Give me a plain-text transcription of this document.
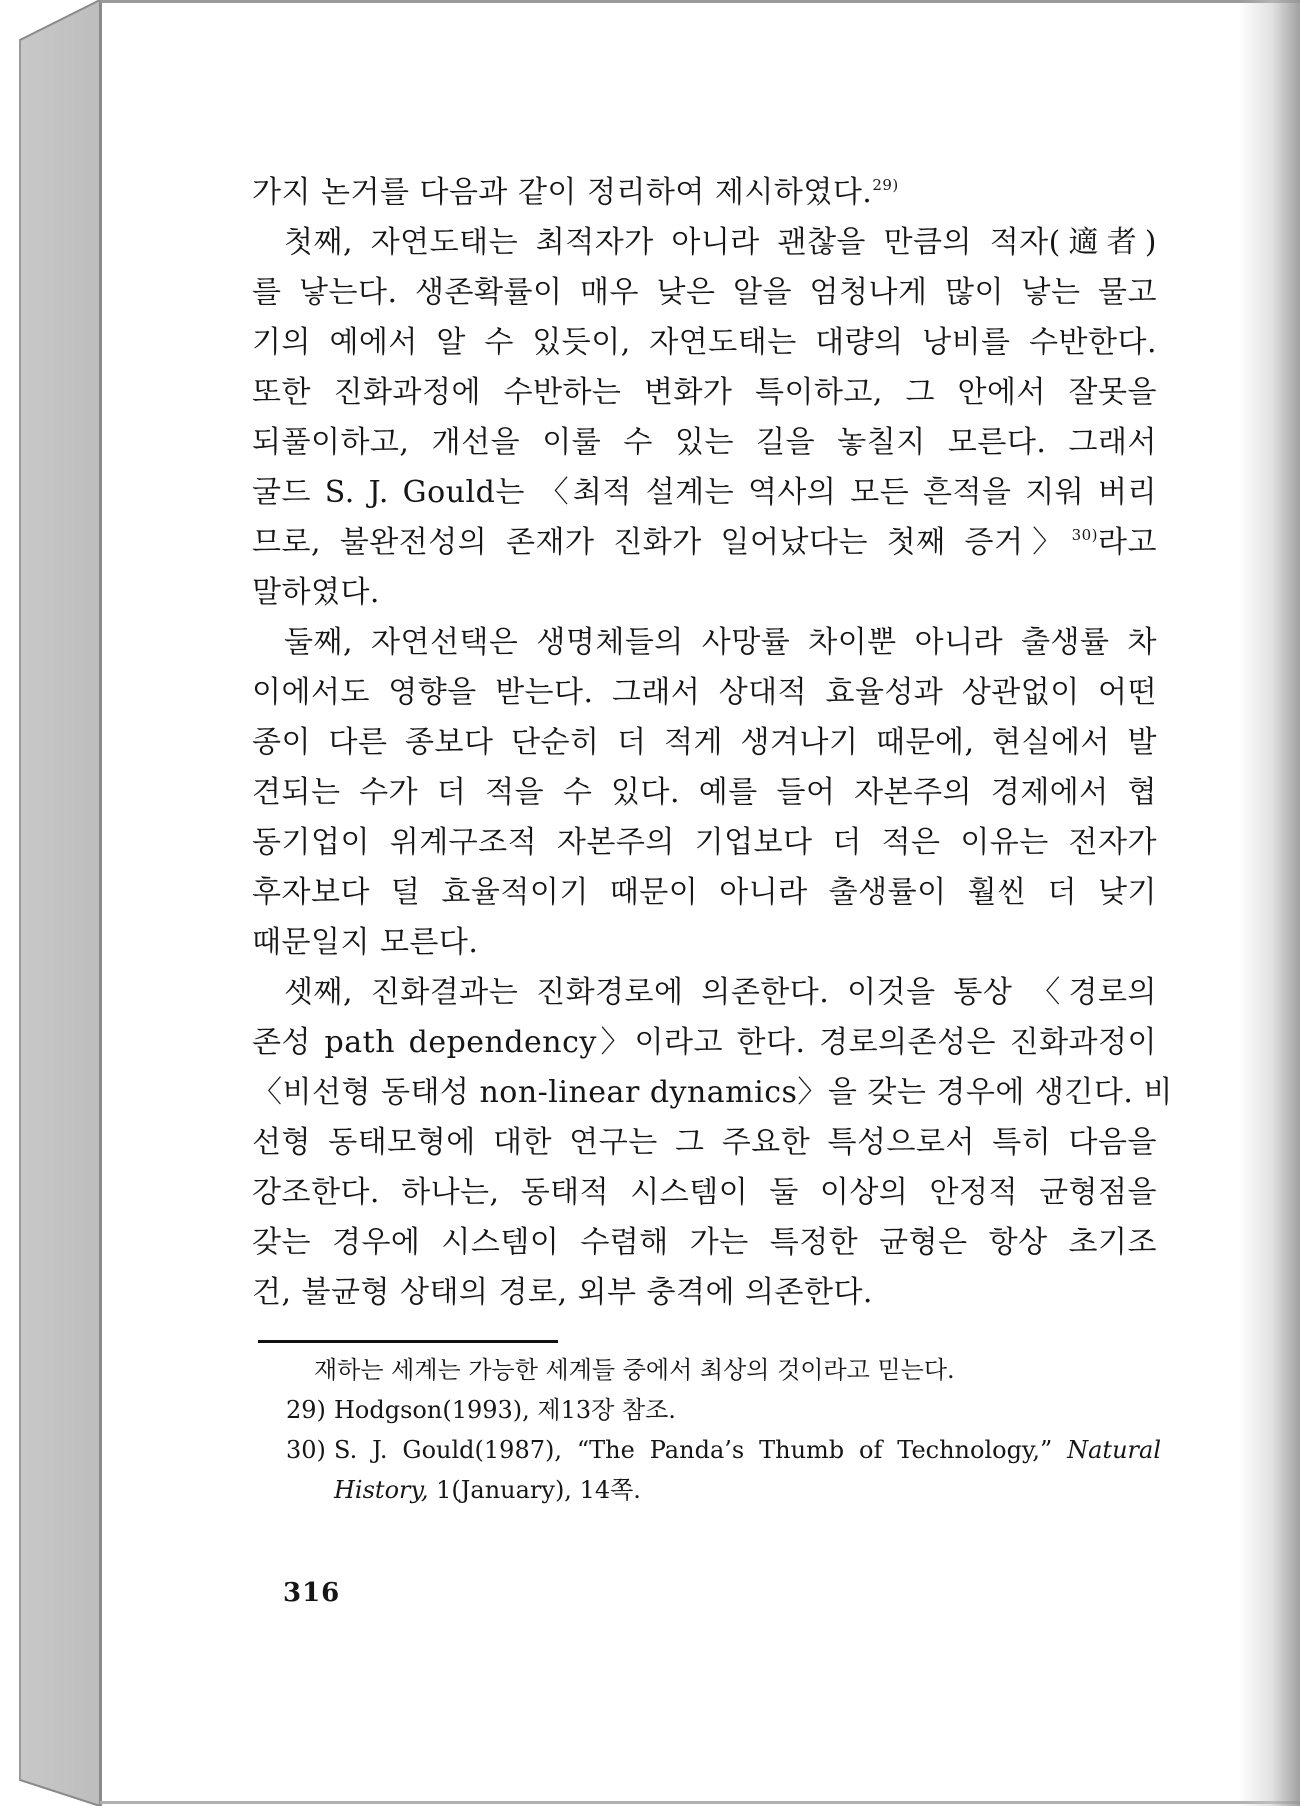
가지 논거를 다음과 같이 정리하여 제시하였다.$^{29)}$
첫째, 자연도태는 최적자가 아니라 괜찮을 만큼의 적자(適者)
를 낳는다. 생존확률이 매우 낮은 알을 엄청나게 많이 낳는 물고
기의 예에서 알 수 있듯이, 자연도태는 대량의 낭비를 수반한다.
또한 진화과정에 수반하는 변화가 특이하고, 그 안에서 잘못을
되풀이하고, 개선을 이룰 수 있는 길을 놓칠지 모른다. 그래서
굴드 S. J. Gould는 〈최적 설계는 역사의 모든 흔적을 지워 버리
므로, 불완전성의 존재가 진화가 일어났다는 첫째 증거〉$^{30)}$라고
말하였다.
둘째, 자연선택은 생명체들의 사망률 차이뿐 아니라 출생률 차
이에서도 영향을 받는다. 그래서 상대적 효율성과 상관없이 어떤
종이 다른 종보다 단순히 더 적게 생겨나기 때문에, 현실에서 발
견되는 수가 더 적을 수 있다. 예를 들어 자본주의 경제에서 협
동기업이 위계구조적 자본주의 기업보다 더 적은 이유는 전자가
후자보다 덜 효율적이기 때문이 아니라 출생률이 훨씬 더 낮기
때문일지 모른다.
셋째, 진화결과는 진화경로에 의존한다. 이것을 통상 〈경로의
존성 path dependency〉이라고 한다. 경로의존성은 진화과정이
〈비선형 동태성 non-linear dynamics〉을 갖는 경우에 생긴다. 비
선형 동태모형에 대한 연구는 그 주요한 특성으로서 특히 다음을
강조한다. 하나는, 동태적 시스템이 둘 이상의 안정적 균형점을
갖는 경우에 시스템이 수렴해 가는 특정한 균형은 항상 초기조
건, 불균형 상태의 경로, 외부 충격에 의존한다.
재하는 세계는 가능한 세계들 중에서 최상의 것이라고 믿는다.
29) Hodgson(1993), 제13장 참조.
30) S. J. Gould(1987), “The Panda’s Thumb of Technology,” Natural
History, 1(January), 14쪽.
316
